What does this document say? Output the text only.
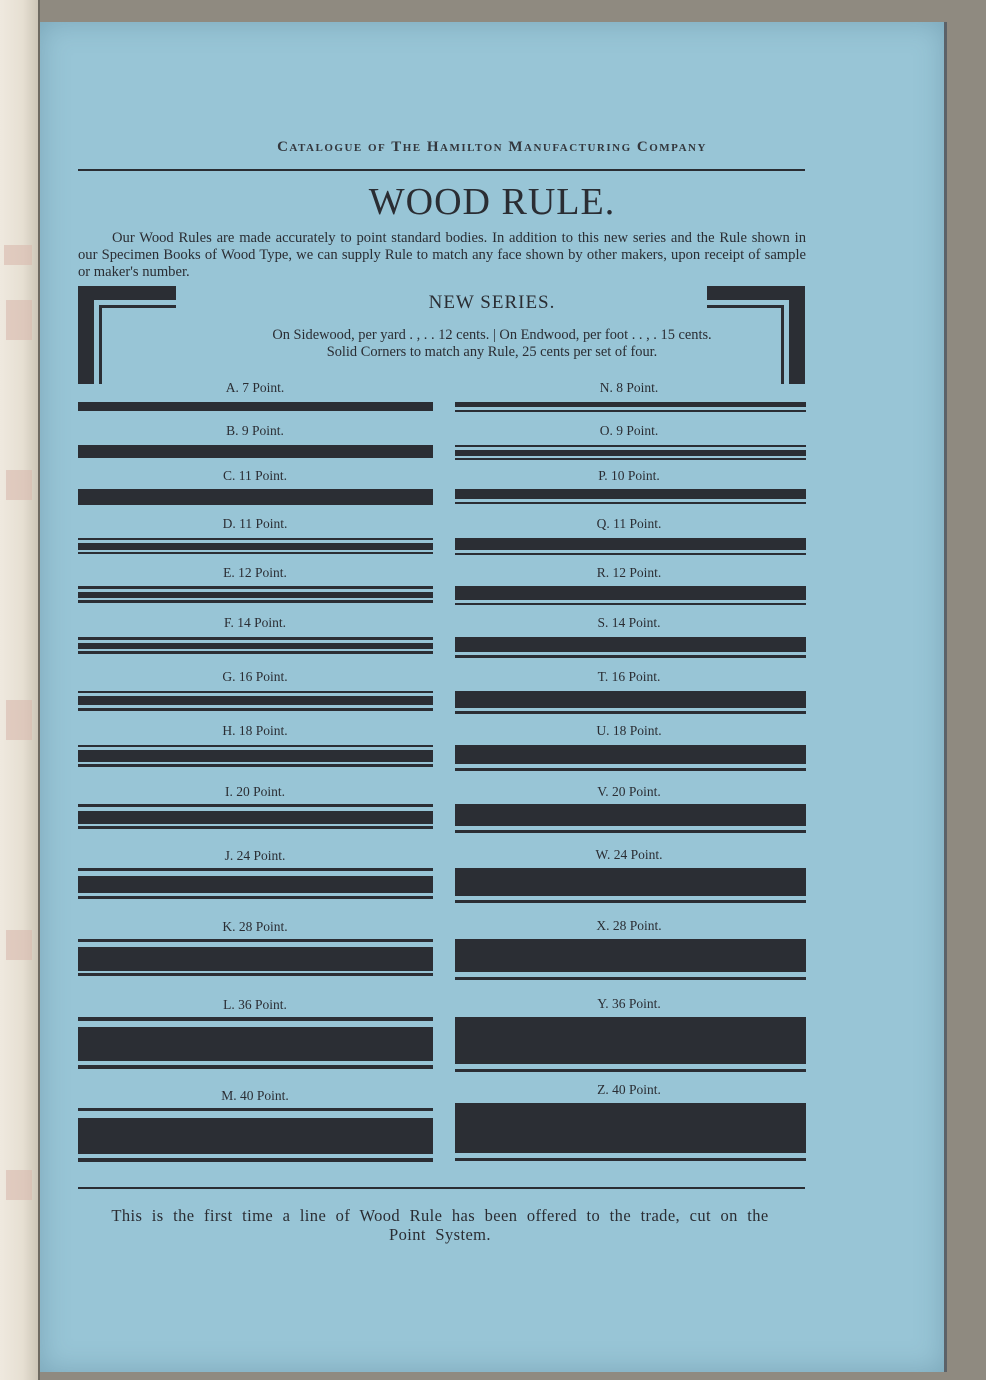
Catalogue of The Hamilton Manufacturing Company
WOOD RULE.
Our Wood Rules are made accurately to point standard bodies. In addition to this new series and the Rule shown in our Specimen Books of Wood Type, we can supply Rule to match any face shown by other makers, upon receipt of sample or maker's number.
NEW SERIES.
On Sidewood, per yard . , . . 12 cents. | On Endwood, per foot . . , . 15 cents.
Solid Corners to match any Rule, 25 cents per set of four.
This is the first time a line of Wood Rule has been offered to the trade, cut on the Point System.
A. 7 Point.
B. 9 Point.
C. 11 Point.
D. 11 Point.
E. 12 Point.
F. 14 Point.
G. 16 Point.
H. 18 Point.
I. 20 Point.
J. 24 Point.
K. 28 Point.
L. 36 Point.
M. 40 Point.
N. 8 Point.
O. 9 Point.
P. 10 Point.
Q. 11 Point.
R. 12 Point.
S. 14 Point.
T. 16 Point.
U. 18 Point.
V. 20 Point.
W. 24 Point.
X. 28 Point.
Y. 36 Point.
Z. 40 Point.
